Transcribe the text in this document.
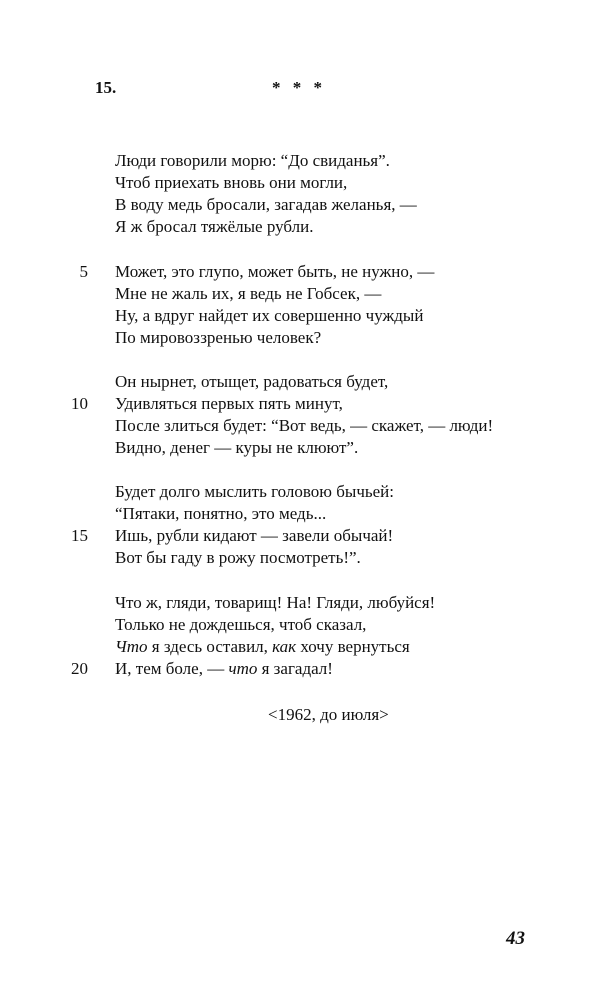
15.	* * *
Люди говорили морю: “До свиданья”.
Чтоб приехать вновь они могли,
В воду медь бросали, загадав желанья, —
Я ж бросал тяжёлые рубли.
5 Может, это глупо, может быть, не нужно, —
Мне не жаль их, я ведь не Гобсек, —
Ну, а вдруг найдет их совершенно чуждый
По мировоззренью человек?
Он нырнет, отыщет, радоваться будет,
10 Удивляться первых пять минут,
После злиться будет: “Вот ведь, — скажет, — люди!
Видно, денег — куры не клюют”.
Будет долго мыслить головою бычьей:
“Пятаки, понятно, это медь...
15 Ишь, рубли кидают — завели обычай!
Вот бы гаду в рожу посмотреть!”.
Что ж, гляди, товарищ! На! Гляди, любуйся!
Только не дождешься, чтоб сказал,
Что я здесь оставил, как хочу вернуться
20 И, тем боле, — что я загадал!
<1962, до июля>
43
